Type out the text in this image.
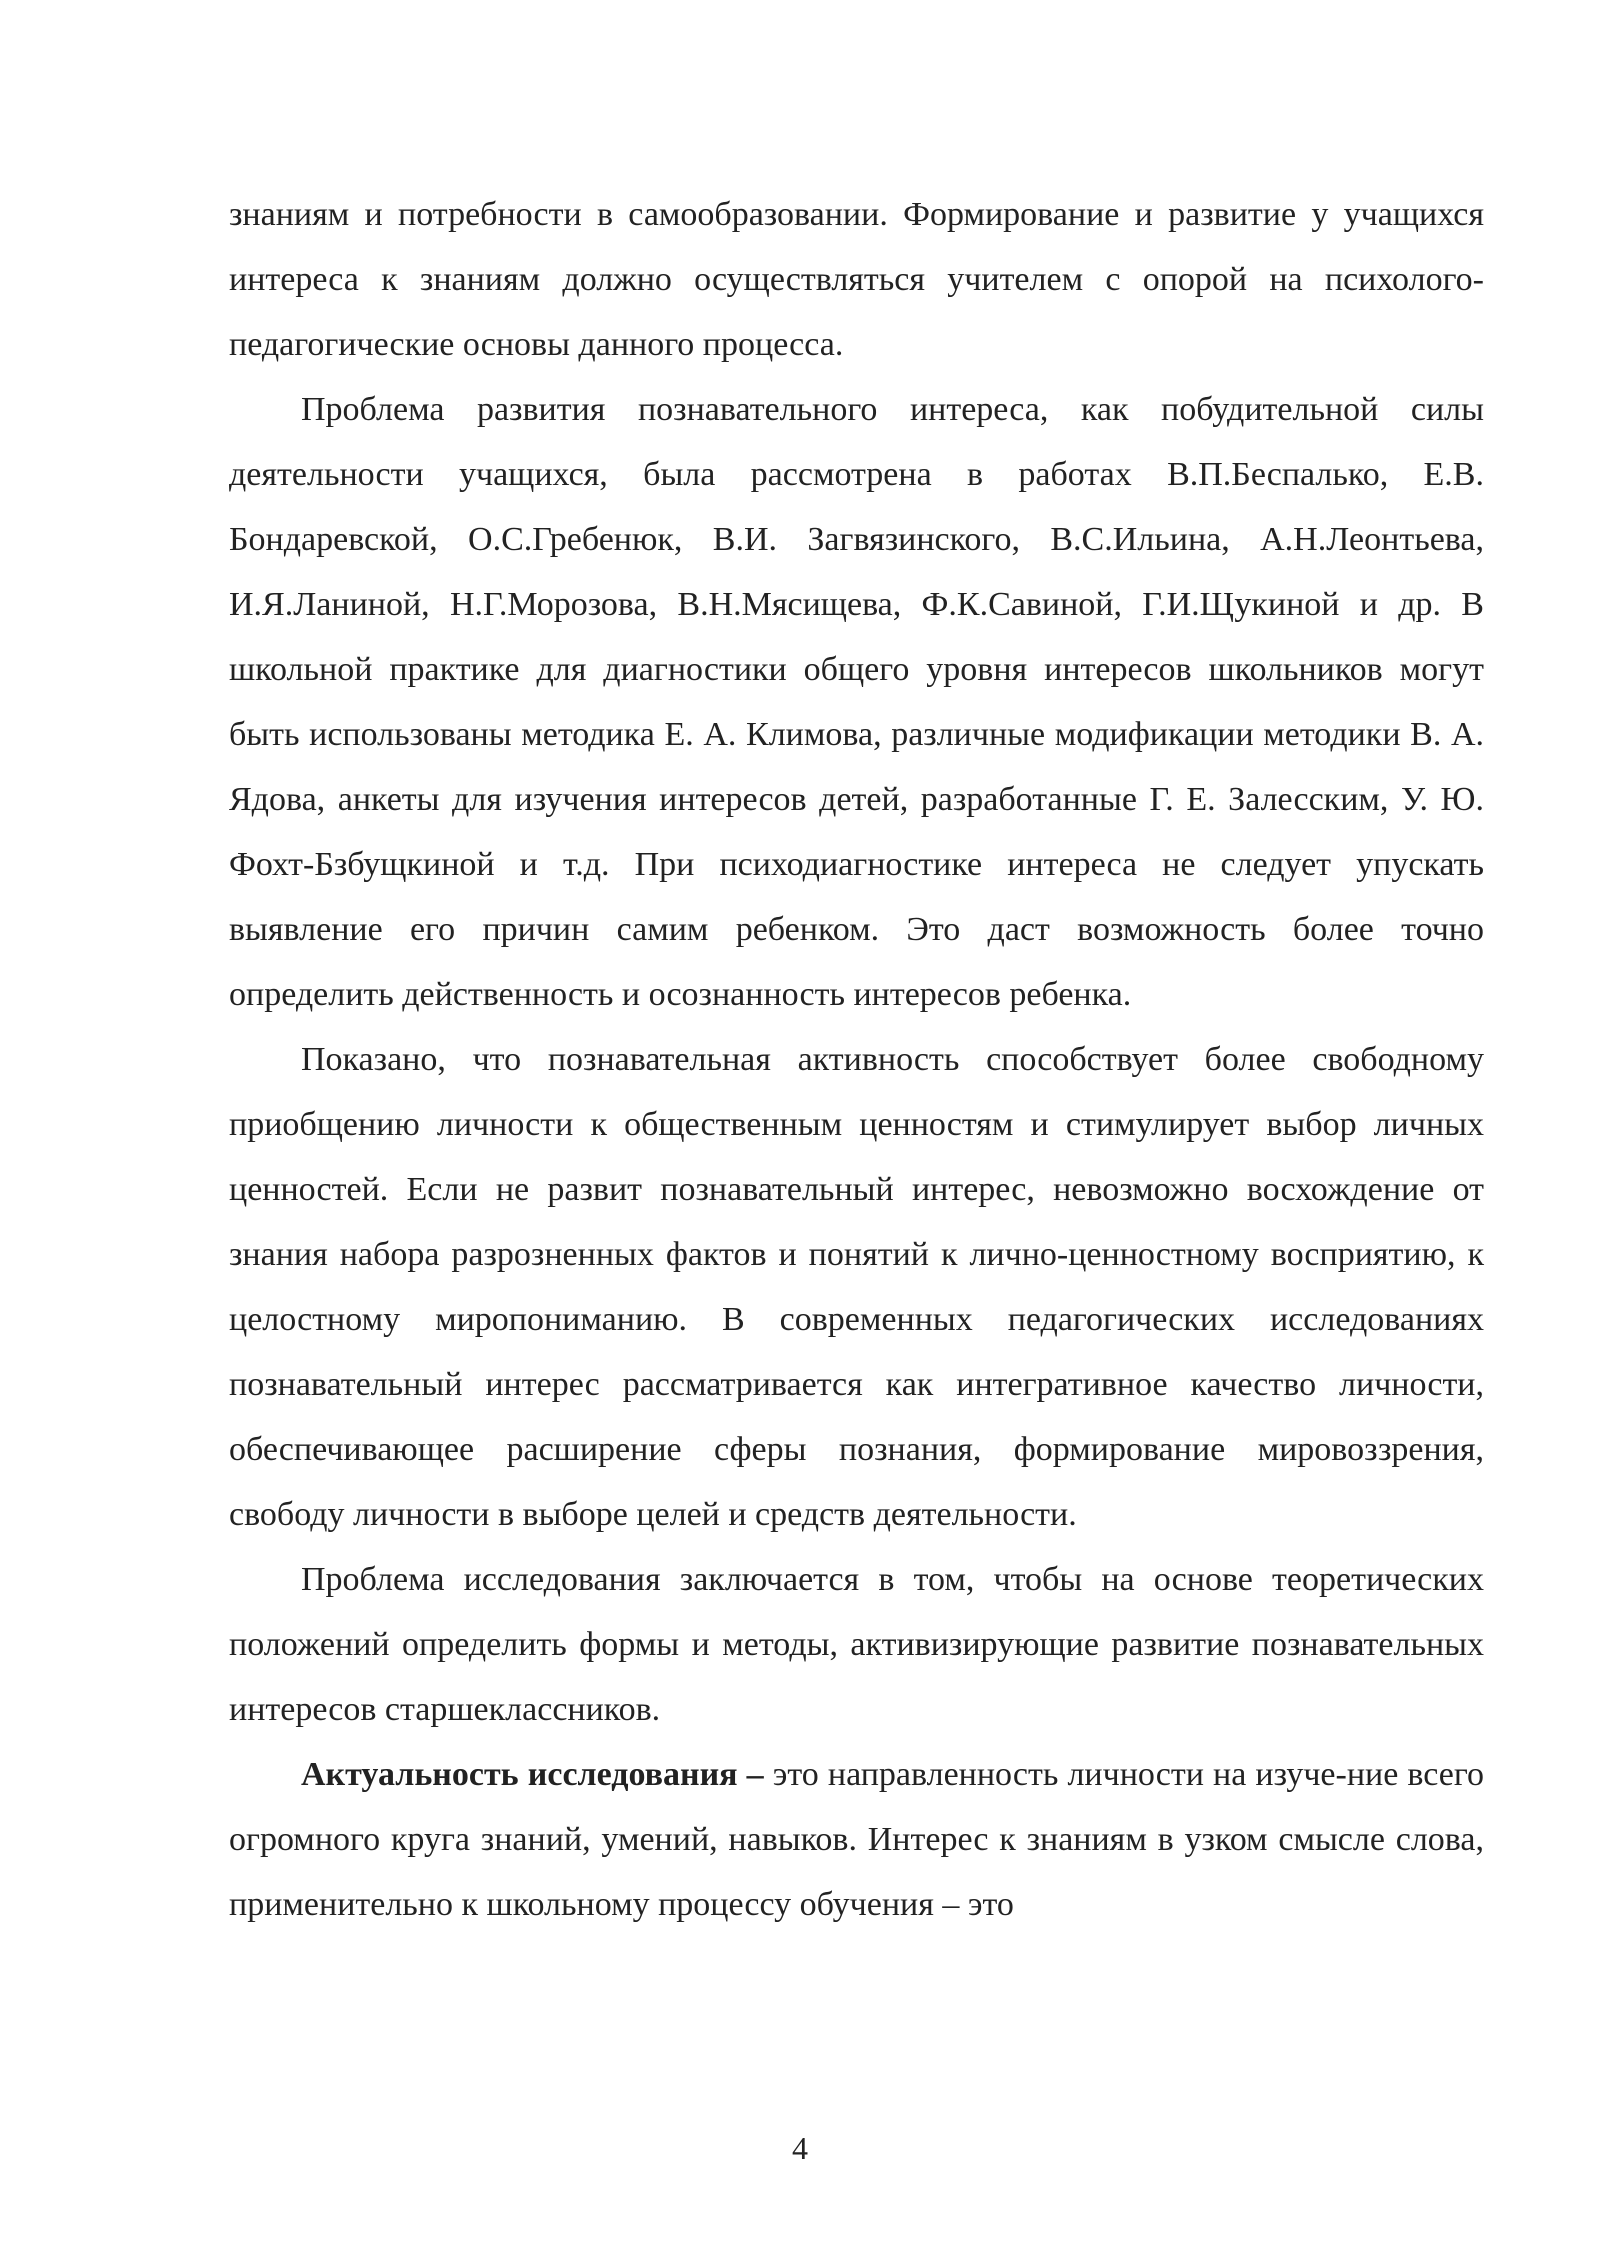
знаниям и потребности в самообразовании. Формирование и развитие у учащихся интереса к знаниям должно осуществляться учителем с опорой на психолого-педагогические основы данного процесса.

Проблема развития познавательного интереса, как побудительной силы деятельности учащихся, была рассмотрена в работах В.П.Беспалько, Е.В. Бондаревской, О.С.Гребенюк, В.И. Загвязинского, В.С.Ильина, А.Н.Леонтьева, И.Я.Ланиной, Н.Г.Морозова, В.Н.Мясищева, Ф.К.Савиной, Г.И.Щукиной и др. В школьной практике для диагностики общего уровня интересов школьников могут быть использованы методика Е. А. Климова, различные модификации методики В. А. Ядова, анкеты для изучения интересов детей, разработанные Г. Е. Залесским, У. Ю. Фохт-Бзбущкиной и т.д. При психодиагностике интереса не следует упускать выявление его причин самим ребенком. Это даст возможность более точно определить действенность и осознанность интересов ребенка.

Показано, что познавательная активность способствует более свободному приобщению личности к общественным ценностям и стимулирует выбор личных ценностей. Если не развит познавательный интерес, невозможно восхождение от знания набора разрозненных фактов и понятий к лично-ценностному восприятию, к целостному миропониманию. В современных педагогических исследованиях познавательный интерес рассматривается как интегративное качество личности, обеспечивающее расширение сферы познания, формирование мировоззрения, свободу личности в выборе целей и средств деятельности.

Проблема исследования заключается в том, чтобы на основе теоретических положений определить формы и методы, активизирующие развитие познавательных интересов старшеклассников.

Актуальность исследования – это направленность личности на изуче-ние всего огромного круга знаний, умений, навыков. Интерес к знаниям в узком смысле слова, применительно к школьному процессу обучения – это

4
